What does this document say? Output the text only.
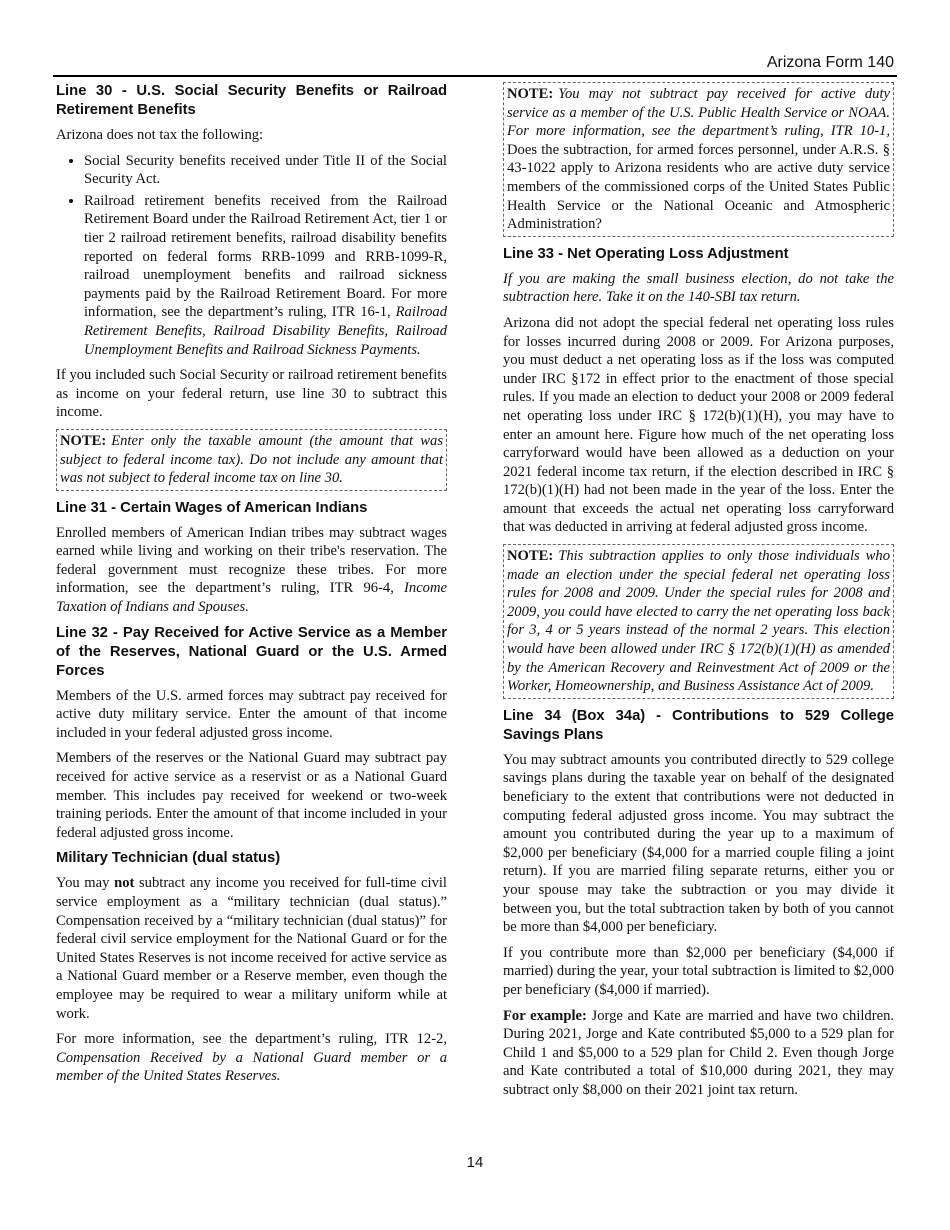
Arizona Form 140
Line 30 - U.S. Social Security Benefits or Railroad Retirement Benefits

Arizona does not tax the following:

• Social Security benefits received under Title II of the Social Security Act.
• Railroad retirement benefits received from the Railroad Retirement Board under the Railroad Retirement Act, tier 1 or tier 2 railroad retirement benefits, railroad disability benefits reported on federal forms RRB-1099 and RRB-1099-R, railroad unemployment benefits and railroad sickness payments paid by the Railroad Retirement Board. For more information, see the department’s ruling, ITR 16-1, Railroad Retirement Benefits, Railroad Disability Benefits, Railroad Unemployment Benefits and Railroad Sickness Payments.

If you included such Social Security or railroad retirement benefits as income on your federal return, use line 30 to subtract this income.

NOTE: Enter only the taxable amount (the amount that was subject to federal income tax). Do not include any amount that was not subject to federal income tax on line 30.
Line 31 - Certain Wages of American Indians

Enrolled members of American Indian tribes may subtract wages earned while living and working on their tribe's reservation. The federal government must recognize these tribes. For more information, see the department’s ruling, ITR 96-4, Income Taxation of Indians and Spouses.

Line 32 - Pay Received for Active Service as a Member of the Reserves, National Guard or the U.S. Armed Forces

Members of the U.S. armed forces may subtract pay received for active duty military service. Enter the amount of that income included in your federal adjusted gross income.

Members of the reserves or the National Guard may subtract pay received for active service as a reservist or as a National Guard member. This includes pay received for weekend or two-week training periods. Enter the amount of that income included in your federal adjusted gross income.

Military Technician (dual status)

You may not subtract any income you received for full-time civil service employment as a “military technician (dual status).” Compensation received by a “military technician (dual status)” for federal civil service employment for the National Guard or for the United States Reserves is not income received for active service as a National Guard member or a Reserve member, even though the employee may be required to wear a military uniform while at work.

For more information, see the department’s ruling, ITR 12-2, Compensation Received by a National Guard member or a member of the United States Reserves.

NOTE: You may not subtract pay received for active duty service as a member of the U.S. Public Health Service or NOAA. For more information, see the department’s ruling, ITR 10-1, Does the subtraction, for armed forces personnel, under A.R.S. § 43-1022 apply to Arizona residents who are active duty service members of the commissioned corps of the United States Public Health Service or the National Oceanic and Atmospheric Administration?
Line 33 - Net Operating Loss Adjustment

If you are making the small business election, do not take the subtraction here. Take it on the 140-SBI tax return.

Arizona did not adopt the special federal net operating loss rules for losses incurred during 2008 or 2009. For Arizona purposes, you must deduct a net operating loss as if the loss was computed under IRC §172 in effect prior to the enactment of those special rules. If you made an election to deduct your 2008 or 2009 federal net operating loss under IRC § 172(b)(1)(H), you may have to enter an amount here. Figure how much of the net operating loss carryforward would have been allowed as a deduction on your 2021 federal income tax return, if the election described in IRC § 172(b)(1)(H) had not been made in the year of the loss. Enter the amount that exceeds the actual net operating loss carryforward that was deducted in arriving at federal adjusted gross income.

NOTE: This subtraction applies to only those individuals who made an election under the special federal net operating loss rules for 2008 and 2009. Under the special rules for 2008 and 2009, you could have elected to carry the net operating loss back for 3, 4 or 5 years instead of the normal 2 years. This election would have been allowed under IRC § 172(b)(1)(H) as amended by the American Recovery and Reinvestment Act of 2009 or the Worker, Homeownership, and Business Assistance Act of 2009.
Line 34 (Box 34a) - Contributions to 529 College Savings Plans

You may subtract amounts you contributed directly to 529 college savings plans during the taxable year on behalf of the designated beneficiary to the extent that contributions were not deducted in computing federal adjusted gross income. You may subtract the amount you contributed during the year up to a maximum of $2,000 per beneficiary ($4,000 for a married couple filing a joint return). If you are married filing separate returns, either you or your spouse may take the subtraction or you may divide it between you, but the total subtraction taken by both of you cannot be more than $4,000 per beneficiary.

If you contribute more than $2,000 per beneficiary ($4,000 if married) during the year, your total subtraction is limited to $2,000 per beneficiary ($4,000 if married).

For example: Jorge and Kate are married and have two children. During 2021, Jorge and Kate contributed $5,000 to a 529 plan for Child 1 and $5,000 to a 529 plan for Child 2. Even though Jorge and Kate contributed a total of $10,000 during 2021, they may subtract only $8,000 on their 2021 joint tax return.

14
